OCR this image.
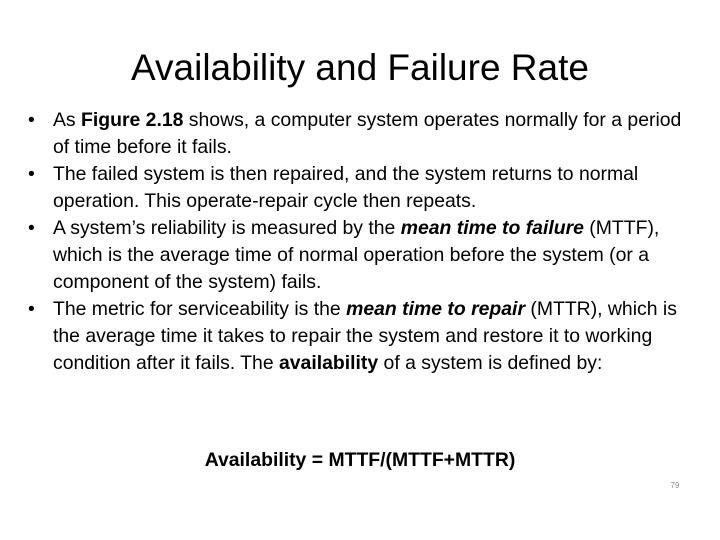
Availability and Failure Rate
• As Figure 2.18 shows, a computer system operates normally for a period of time before it fails.
• The failed system is then repaired, and the system returns to normal operation. This operate-repair cycle then repeats.
• A system’s reliability is measured by the mean time to failure (MTTF), which is the average time of normal operation before the system (or a component of the system) fails.
• The metric for serviceability is the mean time to repair (MTTR), which is the average time it takes to repair the system and restore it to working condition after it fails. The availability of a system is defined by:
Availability = MTTF/(MTTF+MTTR)
79
